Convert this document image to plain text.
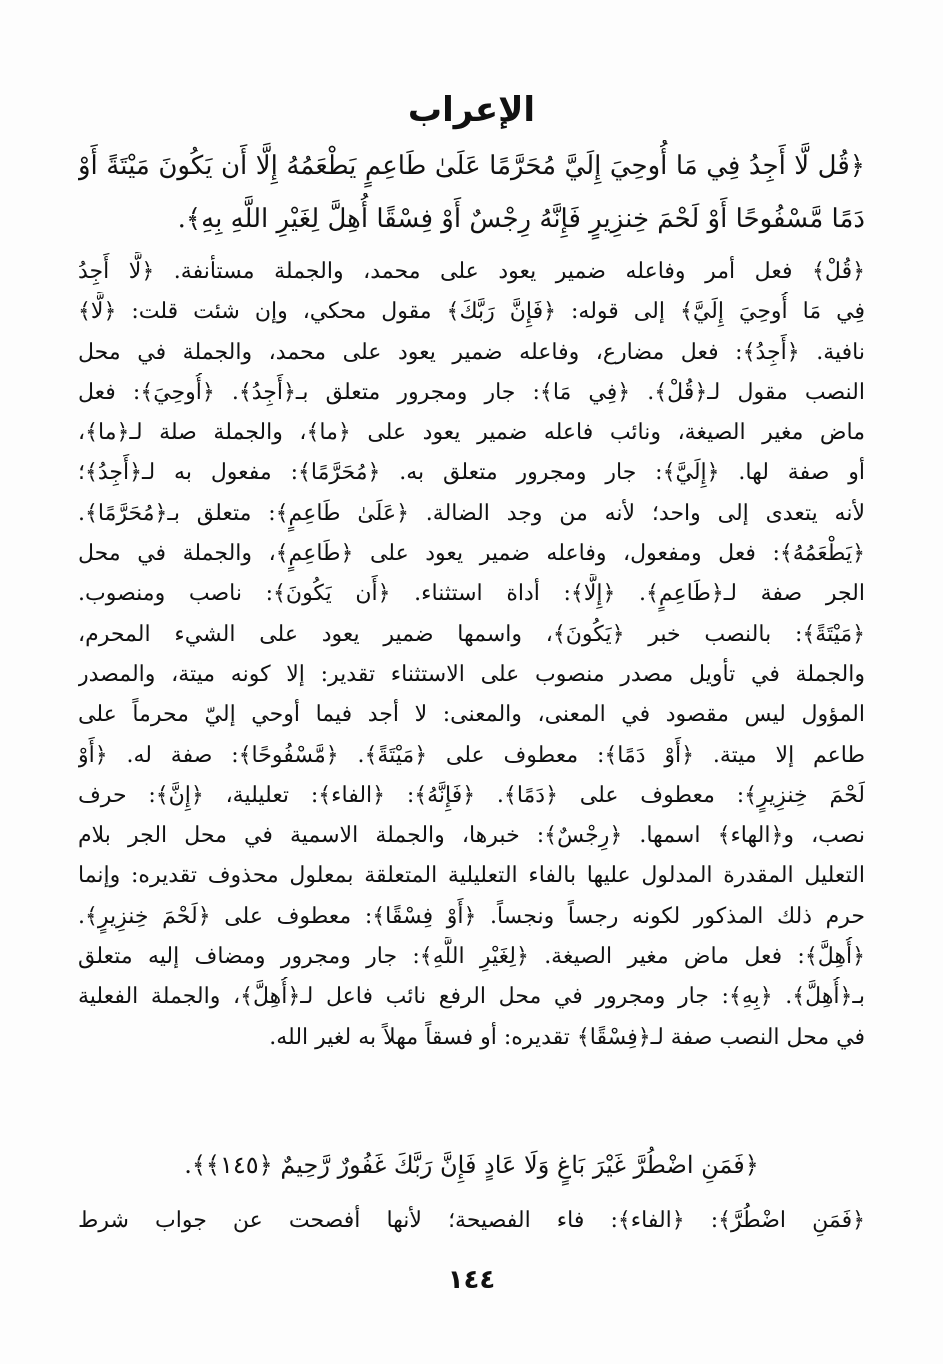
الإعراب
﴿قُل لَّا أَجِدُ فِي مَا أُوحِيَ إِلَيَّ مُحَرَّمًا عَلَىٰ طَاعِمٍ يَطْعَمُهُ إِلَّا أَن يَكُونَ مَيْتَةً أَوْ
دَمًا مَّسْفُوحًا أَوْ لَحْمَ خِنزِيرٍ فَإِنَّهُ رِجْسٌ أَوْ فِسْقًا أُهِلَّ لِغَيْرِ اللَّهِ بِهِ﴾.
﴿قُلْ﴾ فعل أمر وفاعله ضمير يعود على محمد، والجملة مستأنفة. ﴿لَّا أَجِدُ
فِي مَا أُوحِيَ إِلَيَّ﴾ إلى قوله: ﴿فَإِنَّ رَبَّكَ﴾ مقول محكي، وإن شئت قلت: ﴿لَّا﴾
نافية. ﴿أَجِدُ﴾: فعل مضارع، وفاعله ضمير يعود على محمد، والجملة في محل
النصب مقول لـ﴿قُلْ﴾. ﴿فِي مَا﴾: جار ومجرور متعلق بـ﴿أَجِدُ﴾. ﴿أُوحِيَ﴾: فعل
ماض مغير الصيغة، ونائب فاعله ضمير يعود على ﴿ما﴾، والجملة صلة لـ﴿ما﴾،
أو صفة لها. ﴿إِلَيَّ﴾: جار ومجرور متعلق به. ﴿مُحَرَّمًا﴾: مفعول به لـ﴿أَجِدُ﴾؛
لأنه يتعدى إلى واحد؛ لأنه من وجد الضالة. ﴿عَلَىٰ طَاعِمٍ﴾: متعلق بـ﴿مُحَرَّمًا﴾.
﴿يَطْعَمُهُ﴾: فعل ومفعول، وفاعله ضمير يعود على ﴿طَاعِمٍ﴾، والجملة في محل
الجر صفة لـ﴿طَاعِمٍ﴾. ﴿إِلَّا﴾: أداة استثناء. ﴿أَن يَكُونَ﴾: ناصب ومنصوب.
﴿مَيْتَةً﴾: بالنصب خبر ﴿يَكُونَ﴾، واسمها ضمير يعود على الشيء المحرم،
والجملة في تأويل مصدر منصوب على الاستثناء تقدير: إلا كونه ميتة، والمصدر
المؤول ليس مقصود في المعنى، والمعنى: لا أجد فيما أوحي إليّ محرماً على
طاعم إلا ميتة. ﴿أَوْ دَمًا﴾: معطوف على ﴿مَيْتَةً﴾. ﴿مَّسْفُوحًا﴾: صفة له. ﴿أَوْ
لَحْمَ خِنزِيرٍ﴾: معطوف على ﴿دَمًا﴾. ﴿فَإِنَّهُ﴾: ﴿الفاء﴾: تعليلية، ﴿إِنَّ﴾: حرف
نصب، و﴿الهاء﴾ اسمها. ﴿رِجْسٌ﴾: خبرها، والجملة الاسمية في محل الجر بلام
التعليل المقدرة المدلول عليها بالفاء التعليلية المتعلقة بمعلول محذوف تقديره: وإنما
حرم ذلك المذكور لكونه رجساً ونجساً. ﴿أَوْ فِسْقًا﴾: معطوف على ﴿لَحْمَ خِنزِيرٍ﴾.
﴿أُهِلَّ﴾: فعل ماض مغير الصيغة. ﴿لِغَيْرِ اللَّهِ﴾: جار ومجرور ومضاف إليه متعلق
بـ﴿أُهِلَّ﴾. ﴿بِهِ﴾: جار ومجرور في محل الرفع نائب فاعل لـ﴿أُهِلَّ﴾، والجملة الفعلية
في محل النصب صفة لـ﴿فِسْقًا﴾ تقديره: أو فسقاً مهلاً به لغير الله.
﴿فَمَنِ اضْطُرَّ غَيْرَ بَاغٍ وَلَا عَادٍ فَإِنَّ رَبَّكَ غَفُورٌ رَّحِيمٌ ﴿١٤٥﴾﴾.
﴿فَمَنِ اضْطُرَّ﴾: ﴿الفاء﴾: فاء الفصيحة؛ لأنها أفصحت عن جواب شرط
١٤٤
